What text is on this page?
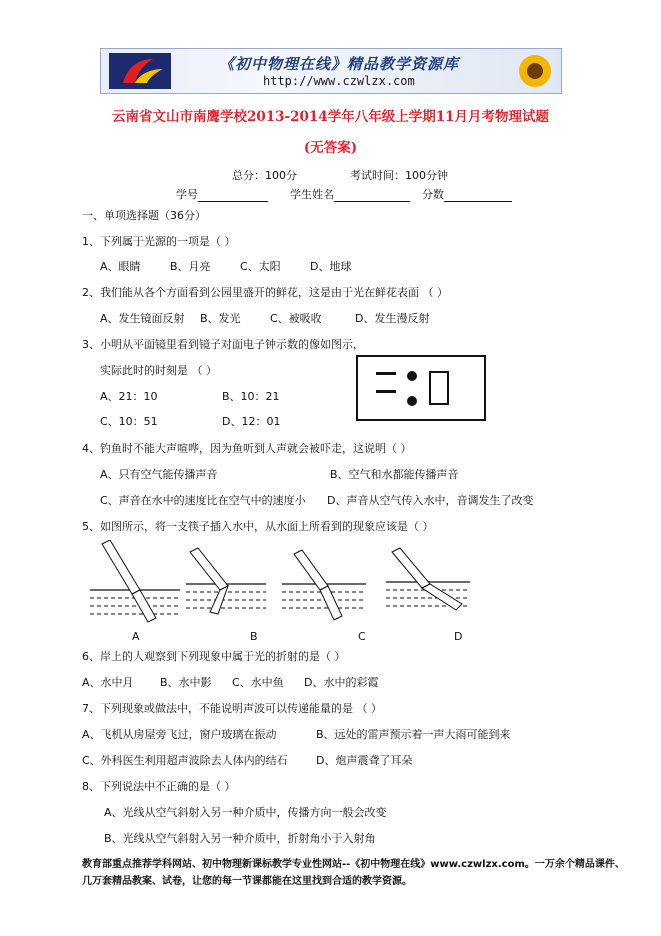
《初中物理在线》精品教学资源库
http://www.czwlzx.com
云南省文山市南鹰学校2013-2014学年八年级上学期11月月考物理试题
(无答案)
总分：100分	考试时间：100分钟
学号	学生姓名	分数
一、单项选择题（36分）
1、下列属于光源的一项是（ ）
A、眼睛	B、月亮	C、太阳	D、地球
2、我们能从各个方面看到公园里盛开的鲜花，这是由于光在鲜花表面 （ ）
A、发生镜面反射 B、发光	C、被吸收	D、发生漫反射
3、小明从平面镜里看到镜子对面电子钟示数的像如图示，
实际此时的时刻是 （ ）
A、21：10	B、10：21
C、10：51	D、12：01
4、钓鱼时不能大声喧哗，因为鱼听到人声就会被吓走，这说明（ ）
A、只有空气能传播声音	B、空气和水都能传播声音
C、声音在水中的速度比在空气中的速度小 D、声音从空气传入水中，音调发生了改变
5、如图所示，将一支筷子插入水中，从水面上所看到的现象应该是（ ）
A	B	C	D
6、岸上的人观察到下列现象中属于光的折射的是（ ）
A、水中月 B、水中影 C、水中鱼 D、水中的彩霞
7、下列现象或做法中，不能说明声波可以传递能量的是 （ ）
A、飞机从房屋旁飞过，窗户玻璃在振动	B、远处的雷声预示着一声大雨可能到来
C、外科医生利用超声波除去人体内的结石	D、炮声震聋了耳朵
8、下列说法中不正确的是（ ）
A、光线从空气斜射入另一种介质中，传播方向一般会改变
B、光线从空气斜射入另一种介质中，折射角小于入射角
教育部重点推荐学科网站、初中物理新课标教学专业性网站--《初中物理在线》www.czwlzx.com。一万余个精品课件、
几万套精品教案、试卷，让您的每一节课都能在这里找到合适的教学资源。
